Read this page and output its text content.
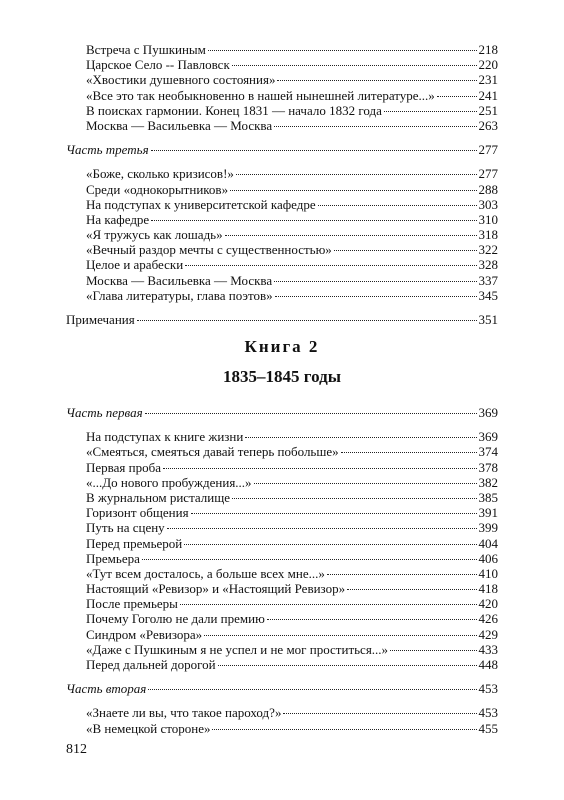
Встреча с Пушкиным	218
Царское Село -- Павловск	220
«Хвостики душевного состояния»	231
«Все это так необыкновенно в нашей нынешней литературе...»	241
В поисках гармонии. Конец 1831 — начало 1832 года	251
Москва — Васильевка — Москва	263
Часть третья	277
«Боже, сколько кризисов!»	277
Среди «однокорытников»	288
На подступах к университетской кафедре	303
На кафедре	310
«Я тружусь как лошадь»	318
«Вечный раздор мечты с существенностью»	322
Целое и арабески	328
Москва — Васильевка — Москва	337
«Глава литературы, глава поэтов»	345
Примечания	351
Книга 2
1835–1845 годы
Часть первая	369
На подступах к книге жизни	369
«Смеяться, смеяться давай теперь побольше»	374
Первая проба	378
«...До нового пробуждения...»	382
В журнальном ристалище	385
Горизонт общения	391
Путь на сцену	399
Перед премьерой	404
Премьера	406
«Тут всем досталось, а больше всех мне...»	410
Настоящий «Ревизор» и «Настоящий Ревизор»	418
После премьеры	420
Почему Гоголю не дали премию	426
Синдром «Ревизора»	429
«Даже с Пушкиным я не успел и не мог проститься...»	433
Перед дальней дорогой	448
Часть вторая	453
«Знаете ли вы, что такое пароход?»	453
«В немецкой стороне»	455
812
